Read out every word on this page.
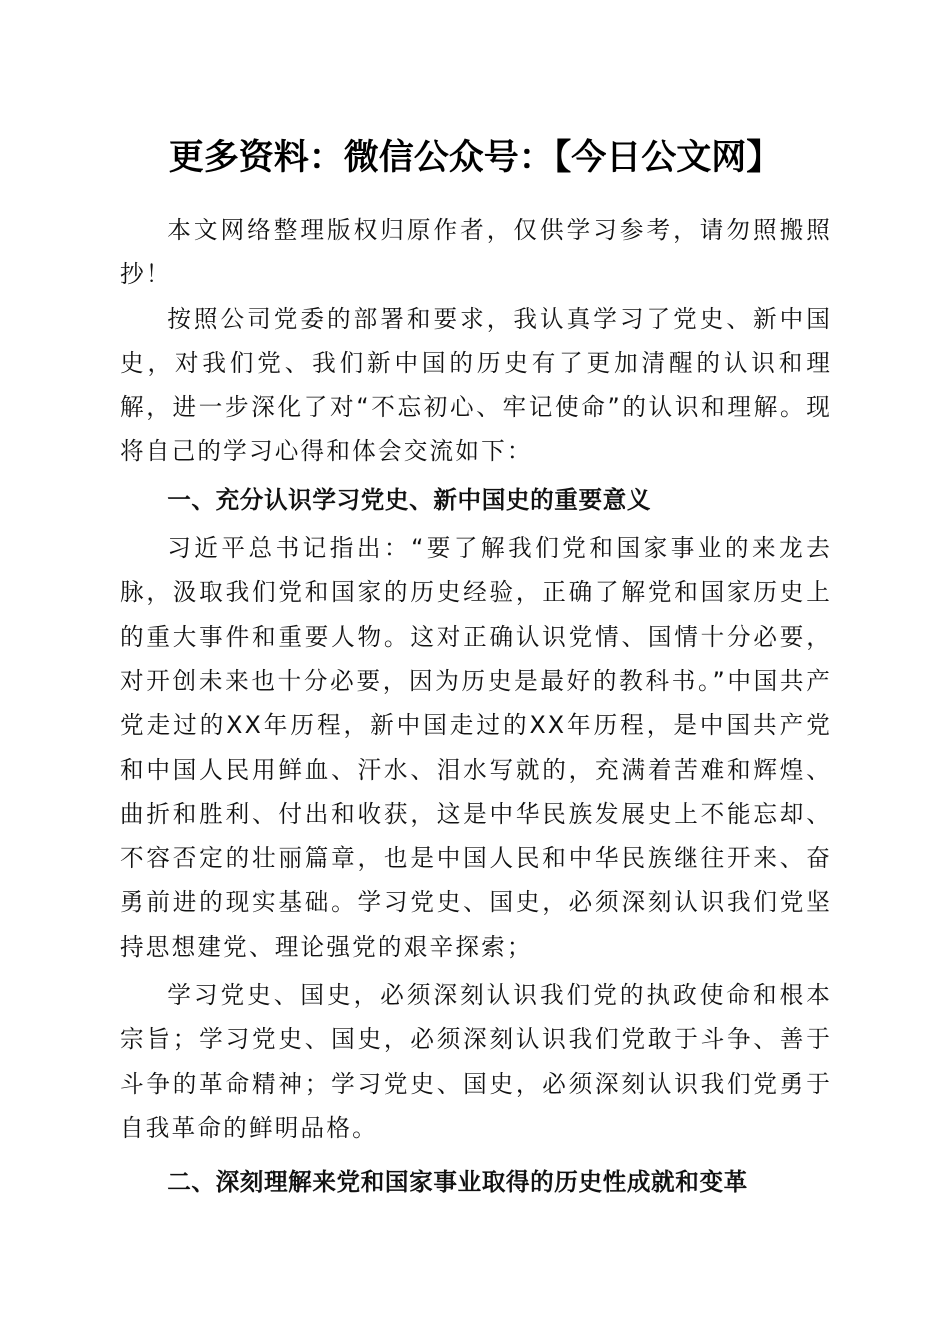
更多资料：微信公众号：【今日公文网】

本文网络整理版权归原作者，仅供学习参考，请勿照搬照抄！

按照公司党委的部署和要求，我认真学习了党史、新中国史，对我们党、我们新中国的历史有了更加清醒的认识和理解，进一步深化了对“不忘初心、牢记使命”的认识和理解。现将自己的学习心得和体会交流如下：

一、充分认识学习党史、新中国史的重要意义

习近平总书记指出：“要了解我们党和国家事业的来龙去脉，汲取我们党和国家的历史经验，正确了解党和国家历史上的重大事件和重要人物。这对正确认识党情、国情十分必要，对开创未来也十分必要，因为历史是最好的教科书。”中国共产党走过的XX年历程，新中国走过的XX年历程，是中国共产党和中国人民用鲜血、汗水、泪水写就的，充满着苦难和辉煌、曲折和胜利、付出和收获，这是中华民族发展史上不能忘却、不容否定的壮丽篇章，也是中国人民和中华民族继往开来、奋勇前进的现实基础。学习党史、国史，必须深刻认识我们党坚持思想建党、理论强党的艰辛探索；

学习党史、国史，必须深刻认识我们党的执政使命和根本宗旨；学习党史、国史，必须深刻认识我们党敢于斗争、善于斗争的革命精神；学习党史、国史，必须深刻认识我们党勇于自我革命的鲜明品格。

二、深刻理解来党和国家事业取得的历史性成就和变革
